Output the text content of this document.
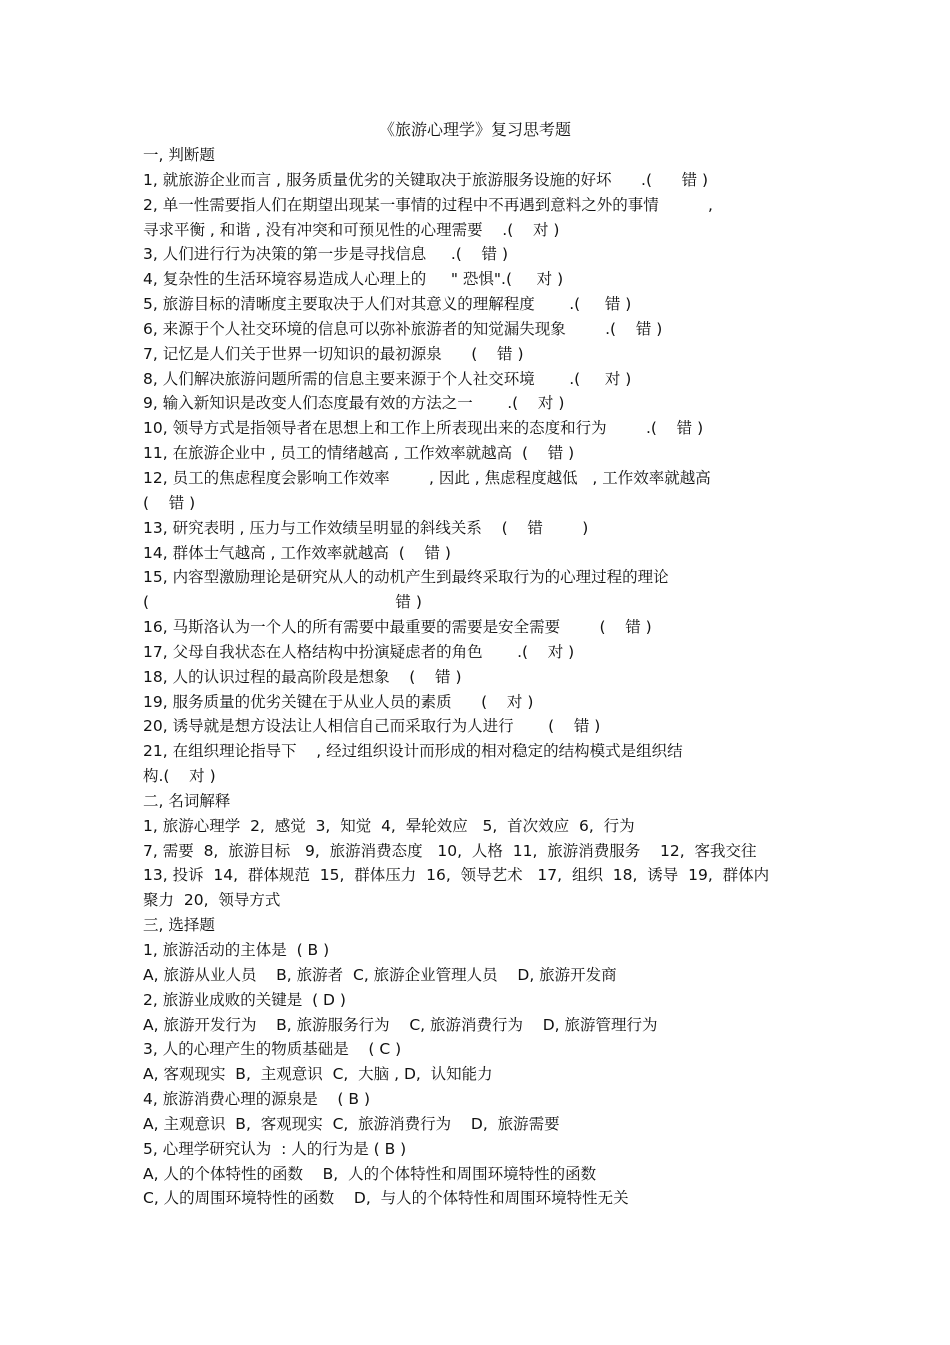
《旅游心理学》复习思考题
一, 判断题
1, 就旅游企业而言 , 服务质量优劣的关键取决于旅游服务设施的好坏      .(      错 )
2, 单一性需要指人们在期望出现某一事情的过程中不再遇到意料之外的事情          ,
寻求平衡 , 和谐 , 没有冲突和可预见性的心理需要    .(    对 )
3, 人们进行行为决策的第一步是寻找信息     .(    错 )
4, 复杂性的生活环境容易造成人心理上的     " 恐惧".(     对 )
5, 旅游目标的清晰度主要取决于人们对其意义的理解程度       .(     错 )
6, 来源于个人社交环境的信息可以弥补旅游者的知觉漏失现象        .(    错 )
7, 记忆是人们关于世界一切知识的最初源泉      (    错 )
8, 人们解决旅游问题所需的信息主要来源于个人社交环境       .(     对 )
9, 输入新知识是改变人们态度最有效的方法之一       .(    对 )
10, 领导方式是指领导者在思想上和工作上所表现出来的态度和行为        .(    错 )
11, 在旅游企业中 , 员工的情绪越高 , 工作效率就越高  (    错 )
12, 员工的焦虑程度会影响工作效率        , 因此 , 焦虑程度越低   , 工作效率就越高
(    错 )
13, 研究表明 , 压力与工作效绩呈明显的斜线关系    (    错        )
14, 群体士气越高 , 工作效率就越高  (    错 )
15, 内容型激励理论是研究从人的动机产生到最终采取行为的心理过程的理论
(                                                  错 )
16, 马斯洛认为一个人的所有需要中最重要的需要是安全需要        (    错 )
17, 父母自我状态在人格结构中扮演疑虑者的角色       .(    对 )
18, 人的认识过程的最高阶段是想象    (    错 )
19, 服务质量的优劣关键在于从业人员的素质      (    对 )
20, 诱导就是想方设法让人相信自己而采取行为人进行       (    错 )
21, 在组织理论指导下    , 经过组织设计而形成的相对稳定的结构模式是组织结
构.(    对 )
二, 名词解释
1, 旅游心理学  2,  感觉  3,  知觉  4,  晕轮效应   5,  首次效应  6,  行为
7, 需要  8,  旅游目标   9,  旅游消费态度   10,  人格  11,  旅游消费服务    12,  客我交往
13, 投诉  14,  群体规范  15,  群体压力  16,  领导艺术   17,  组织  18,  诱导  19,  群体内
聚力  20,  领导方式
三, 选择题
1, 旅游活动的主体是  ( B )
A, 旅游从业人员    B, 旅游者  C, 旅游企业管理人员    D, 旅游开发商
2, 旅游业成败的关键是  ( D )
A, 旅游开发行为    B, 旅游服务行为    C, 旅游消费行为    D, 旅游管理行为
3, 人的心理产生的物质基础是    ( C )
A, 客观现实  B,  主观意识  C,  大脑 , D,  认知能力
4, 旅游消费心理的源泉是    ( B )
A, 主观意识  B,  客观现实  C,  旅游消费行为    D,  旅游需要
5, 心理学研究认为  : 人的行为是 ( B )
A, 人的个体特性的函数    B,  人的个体特性和周围环境特性的函数
C, 人的周围环境特性的函数    D,  与人的个体特性和周围环境特性无关
